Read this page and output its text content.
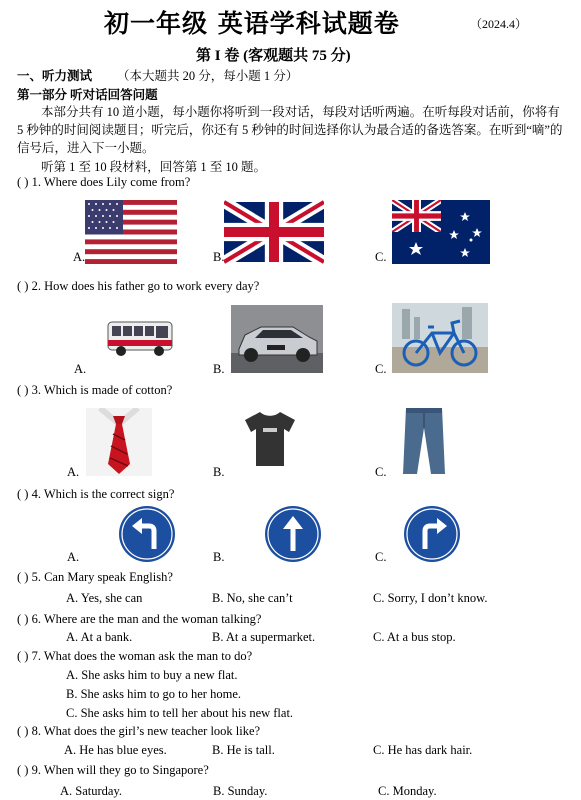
初一年级 英语学科试题卷	（2024.4）
第 I 卷 (客观题共 75 分)
一、听力测试 （本大题共 20 分，每小题 1 分）
第一部分 听对话回答问题
本部分共有 10 道小题，每小题你将听到一段对话，每段对话听两遍。在听每段对话前，你将有 5 秒钟的时间阅读题目；听完后，你还有 5 秒钟的时间选择你认为最合适的备选答案。在听到“嘀”的信号后，进入下一小题。
听第 1 至 10 段材料，回答第 1 至 10 题。
( ) 1. Where does Lily come from?
A.	B.	C.
( ) 2. How does his father go to work every day?
A.	B.	C.
( ) 3. Which is made of cotton?
A.	B.	C.
( ) 4. Which is the correct sign?
A.	B.	C.
( ) 5. Can Mary speak English?
A. Yes, she can	B. No, she can’t	C. Sorry, I don’t know.
( ) 6. Where are the man and the woman talking?
A. At a bank.	B. At a supermarket.	C. At a bus stop.
( ) 7. What does the woman ask the man to do?
A. She asks him to buy a new flat.
B. She asks him to go to her home.
C. She asks him to tell her about his new flat.
( ) 8. What does the girl’s new teacher look like?
A. He has blue eyes.	B. He is tall.	C. He has dark hair.
( ) 9. When will they go to Singapore?
A. Saturday.	B. Sunday.	C. Monday.
